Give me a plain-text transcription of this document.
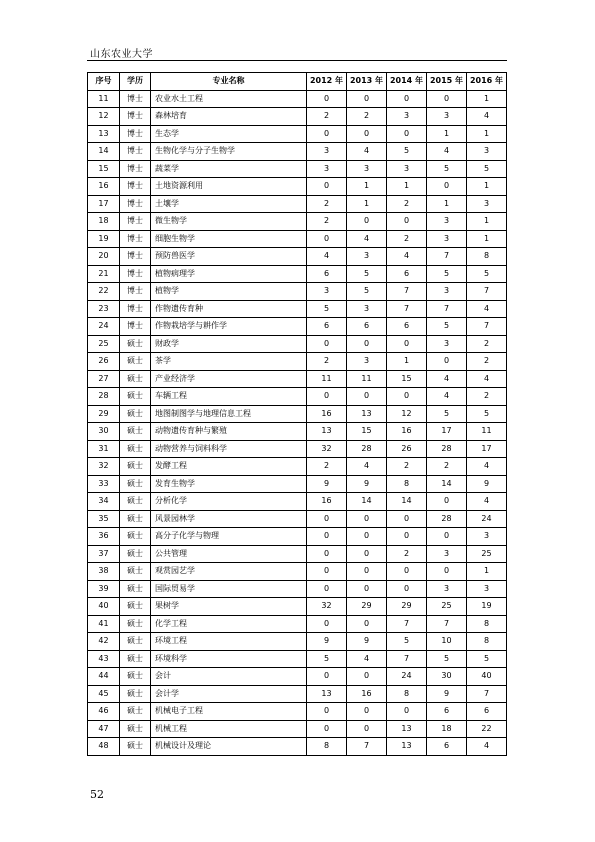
山东农业大学
序号	学历	专业名称	2012 年	2013 年	2014 年	2015 年	2016 年
11	博士	农业水土工程	0	0	0	0	1
12	博士	森林培育	2	2	3	3	4
13	博士	生态学	0	0	0	1	1
14	博士	生物化学与分子生物学	3	4	5	4	3
15	博士	蔬菜学	3	3	3	5	5
16	博士	土地资源利用	0	1	1	0	1
17	博士	土壤学	2	1	2	1	3
18	博士	微生物学	2	0	0	3	1
19	博士	细胞生物学	0	4	2	3	1
20	博士	预防兽医学	4	3	4	7	8
21	博士	植物病理学	6	5	6	5	5
22	博士	植物学	3	5	7	3	7
23	博士	作物遗传育种	5	3	7	7	4
24	博士	作物栽培学与耕作学	6	6	6	5	7
25	硕士	财政学	0	0	0	3	2
26	硕士	茶学	2	3	1	0	2
27	硕士	产业经济学	11	11	15	4	4
28	硕士	车辆工程	0	0	0	4	2
29	硕士	地图制图学与地理信息工程	16	13	12	5	5
30	硕士	动物遗传育种与繁殖	13	15	16	17	11
31	硕士	动物营养与饲料科学	32	28	26	28	17
32	硕士	发酵工程	2	4	2	2	4
33	硕士	发育生物学	9	9	8	14	9
34	硕士	分析化学	16	14	14	0	4
35	硕士	风景园林学	0	0	0	28	24
36	硕士	高分子化学与物理	0	0	0	0	3
37	硕士	公共管理	0	0	2	3	25
38	硕士	观赏园艺学	0	0	0	0	1
39	硕士	国际贸易学	0	0	0	3	3
40	硕士	果树学	32	29	29	25	19
41	硕士	化学工程	0	0	7	7	8
42	硕士	环境工程	9	9	5	10	8
43	硕士	环境科学	5	4	7	5	5
44	硕士	会计	0	0	24	30	40
45	硕士	会计学	13	16	8	9	7
46	硕士	机械电子工程	0	0	0	6	6
47	硕士	机械工程	0	0	13	18	22
48	硕士	机械设计及理论	8	7	13	6	4
52
